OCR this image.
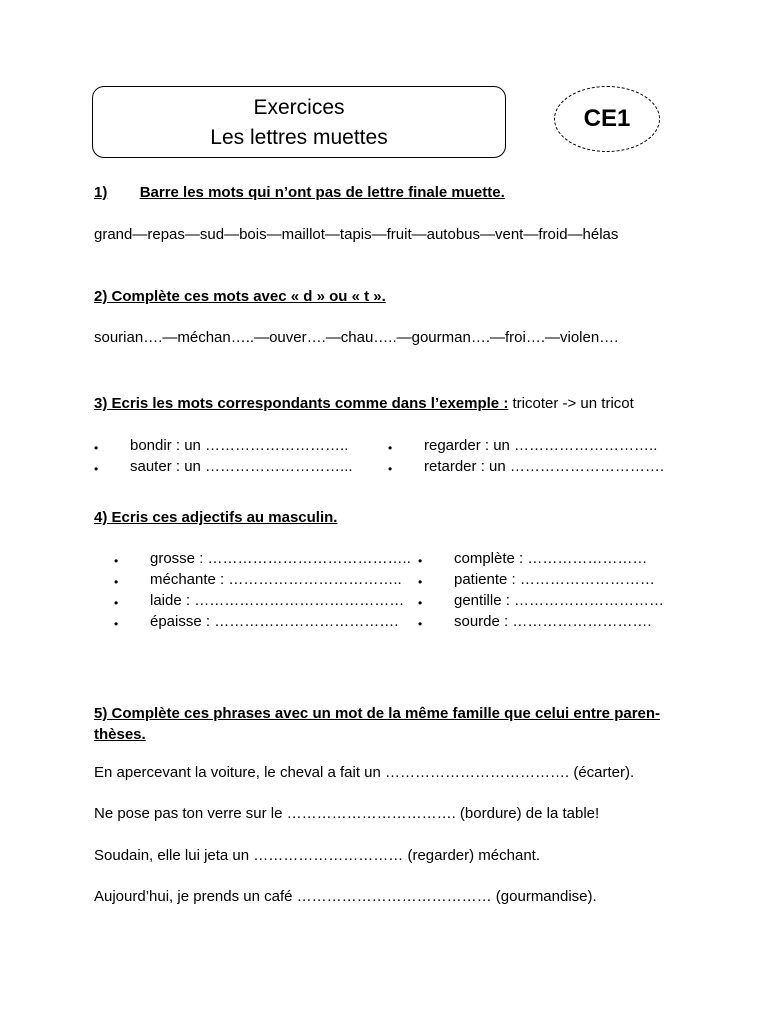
Exercices
Les lettres muettes
CE1
1) Barre les mots qui n’ont pas de lettre finale muette.
grand—repas—sud—bois—maillot—tapis—fruit—autobus—vent—froid—hélas
2) Complète ces mots avec « d » ou « t ».
sourian….—méchan…..—ouver….—chau…..—gourman….—froi….—violen….
3) Ecris les mots correspondants comme dans l’exemple : tricoter -> un tricot
• bondir : un ………………………..
• sauter : un ………………………...
• regarder : un ………………………..
• retarder : un ………………………….
4) Ecris ces adjectifs au masculin.
• grosse : …………………………………..
• méchante : ……………………………..
• laide : ……………………………………
• épaisse : ……………………………….
• complète : ……………………
• patiente : ………………………
• gentille : …………………………
• sourde : ……………………….
5) Complète ces phrases avec un mot de la même famille que celui entre paren-thèses.
En apercevant la voiture, le cheval a fait un ………………………………. (écarter).
Ne pose pas ton verre sur le ……………………………. (bordure) de la table!
Soudain, elle lui jeta un ………………………… (regarder) méchant.
Aujourd’hui, je prends un café ………………………………… (gourmandise).
